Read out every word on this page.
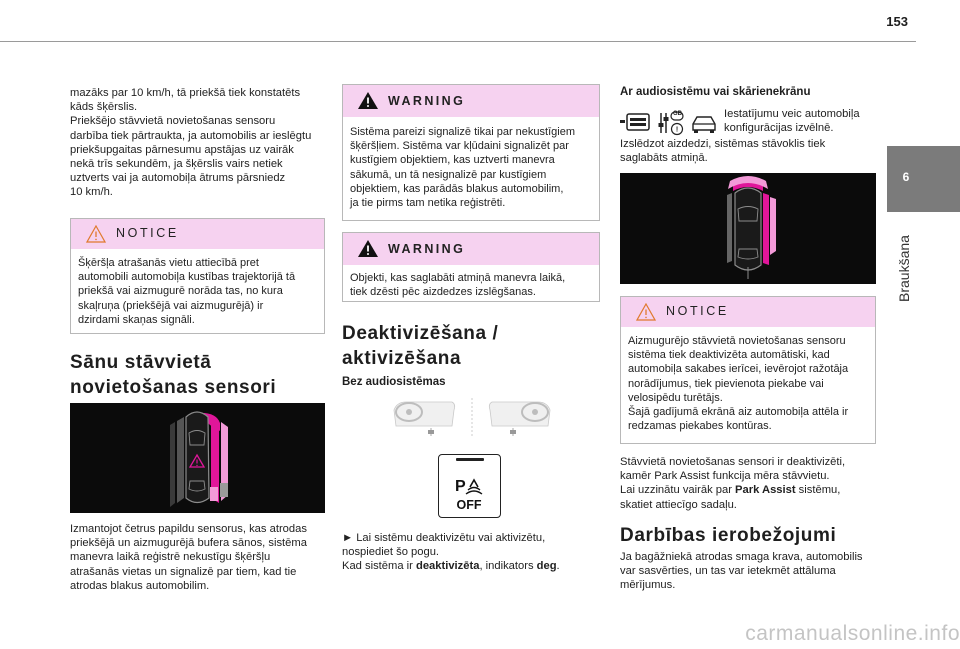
153
6
Braukšana
mazāks par 10 km/h, tā priekšā tiek konstatēts
kāds šķērslis.
Priekšējo stāvvietā novietošanas sensoru
darbība tiek pārtraukta, ja automobilis ar ieslēgtu
priekšupgaitas pārnesumu apstājas uz vairāk
nekā trīs sekundēm, ja šķērslis vairs netiek
uztverts vai ja automobiļa ātrums pārsniedz
10 km/h.
NOTICE
Šķēršļa atrašanās vietu attiecībā pret
automobili automobiļa kustības trajektorijā tā
priekšā vai aizmugurē norāda tas, no kura
skaļruņa (priekšējā vai aizmugurējā) ir
dzirdami skaņas signāli.
Sānu stāvvietā
novietošanas sensori
Izmantojot četrus papildu sensorus, kas atrodas
priekšējā un aizmugurējā bufera sānos, sistēma
manevra laikā reģistrē nekustīgu šķēršļu
atrašanās vietas un signalizē par tiem, kad tie
atrodas blakus automobilim.
WARNING
Sistēma pareizi signalizē tikai par nekustīgiem
šķēršļiem. Sistēma var kļūdaini signalizēt par
kustīgiem objektiem, kas uztverti manevra
sākumā, un tā nesignalizē par kustīgiem
objektiem, kas parādās blakus automobilim,
ja tie pirms tam netika reģistrēti.
WARNING
Objekti, kas saglabāti atmiņā manevra laikā,
tiek dzēsti pēc aizdedzes izslēgšanas.
Deaktivizēšana /
aktivizēšana
Bez audiosistēmas
P
OFF
► Lai sistēmu deaktivizētu vai aktivizētu,
nospiediet šo pogu.
Kad sistēma ir deaktivizēta, indikators deg.
Ar audiosistēmu vai skārienekrānu
!
GB	Iestatījumu veic automobiļa
konfigurācijas izvēlnē.
Izslēdzot aizdedzi, sistēmas stāvoklis tiek
saglabāts atmiņā.
NOTICE
Aizmugurējo stāvvietā novietošanas sensoru
sistēma tiek deaktivizēta automātiski, kad
automobiļa sakabes ierīcei, ievērojot ražotāja
norādījumus, tiek pievienota piekabe vai
velosipēdu turētājs.
Šajā gadījumā ekrānā aiz automobiļa attēla ir
redzamas piekabes kontūras.
Stāvvietā novietošanas sensori ir deaktivizēti,
kamēr Park Assist funkcija mēra stāvvietu.
Lai uzzinātu vairāk par Park Assist sistēmu,
skatiet attiecīgo sadaļu.
Darbības ierobežojumi
Ja bagāžniekā atrodas smaga krava, automobilis
var sasvērties, un tas var ietekmēt attāluma
mērījumus.
carmanualsonline.info
